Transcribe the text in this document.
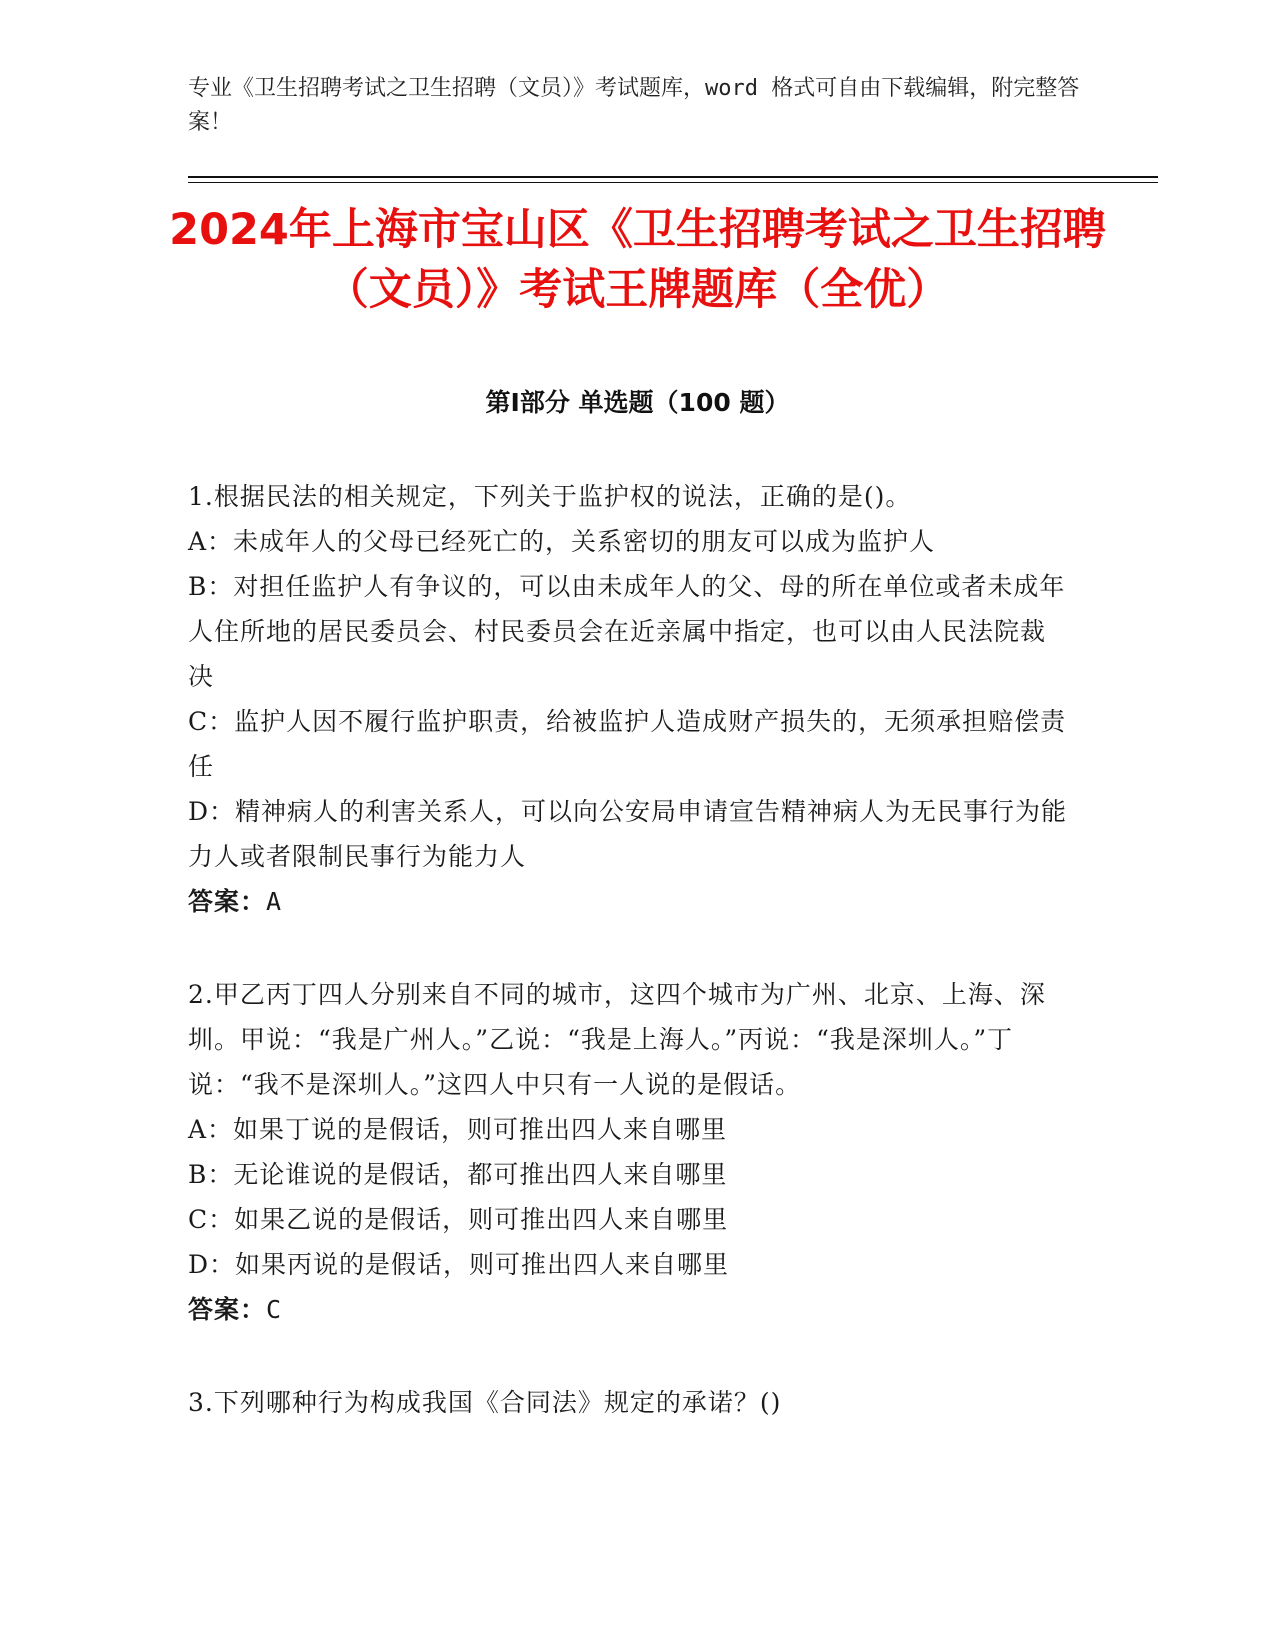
专业《卫生招聘考试之卫生招聘（文员）》考试题库，word 格式可自由下载编辑，附完整答案！
2024年上海市宝山区《卫生招聘考试之卫生招聘（文员）》考试王牌题库（全优）
第Ⅰ部分 单选题（100 题）

1.根据民法的相关规定，下列关于监护权的说法，正确的是()。

A：未成年人的父母已经死亡的，关系密切的朋友可以成为监护人

B：对担任监护人有争议的，可以由未成年人的父、母的所在单位或者未成年人住所地的居民委员会、村民委员会在近亲属中指定，也可以由人民法院裁决

C：监护人因不履行监护职责，给被监护人造成财产损失的，无须承担赔偿责任

D：精神病人的利害关系人，可以向公安局申请宣告精神病人为无民事行为能力人或者限制民事行为能力人

答案：A

2.甲乙丙丁四人分别来自不同的城市，这四个城市为广州、北京、上海、深圳。甲说：“我是广州人。”乙说：“我是上海人。”丙说：“我是深圳人。”丁说：“我不是深圳人。”这四人中只有一人说的是假话。

A：如果丁说的是假话，则可推出四人来自哪里

B：无论谁说的是假话，都可推出四人来自哪里

C：如果乙说的是假话，则可推出四人来自哪里

D：如果丙说的是假话，则可推出四人来自哪里

答案：C

3.下列哪种行为构成我国《合同法》规定的承诺？()
